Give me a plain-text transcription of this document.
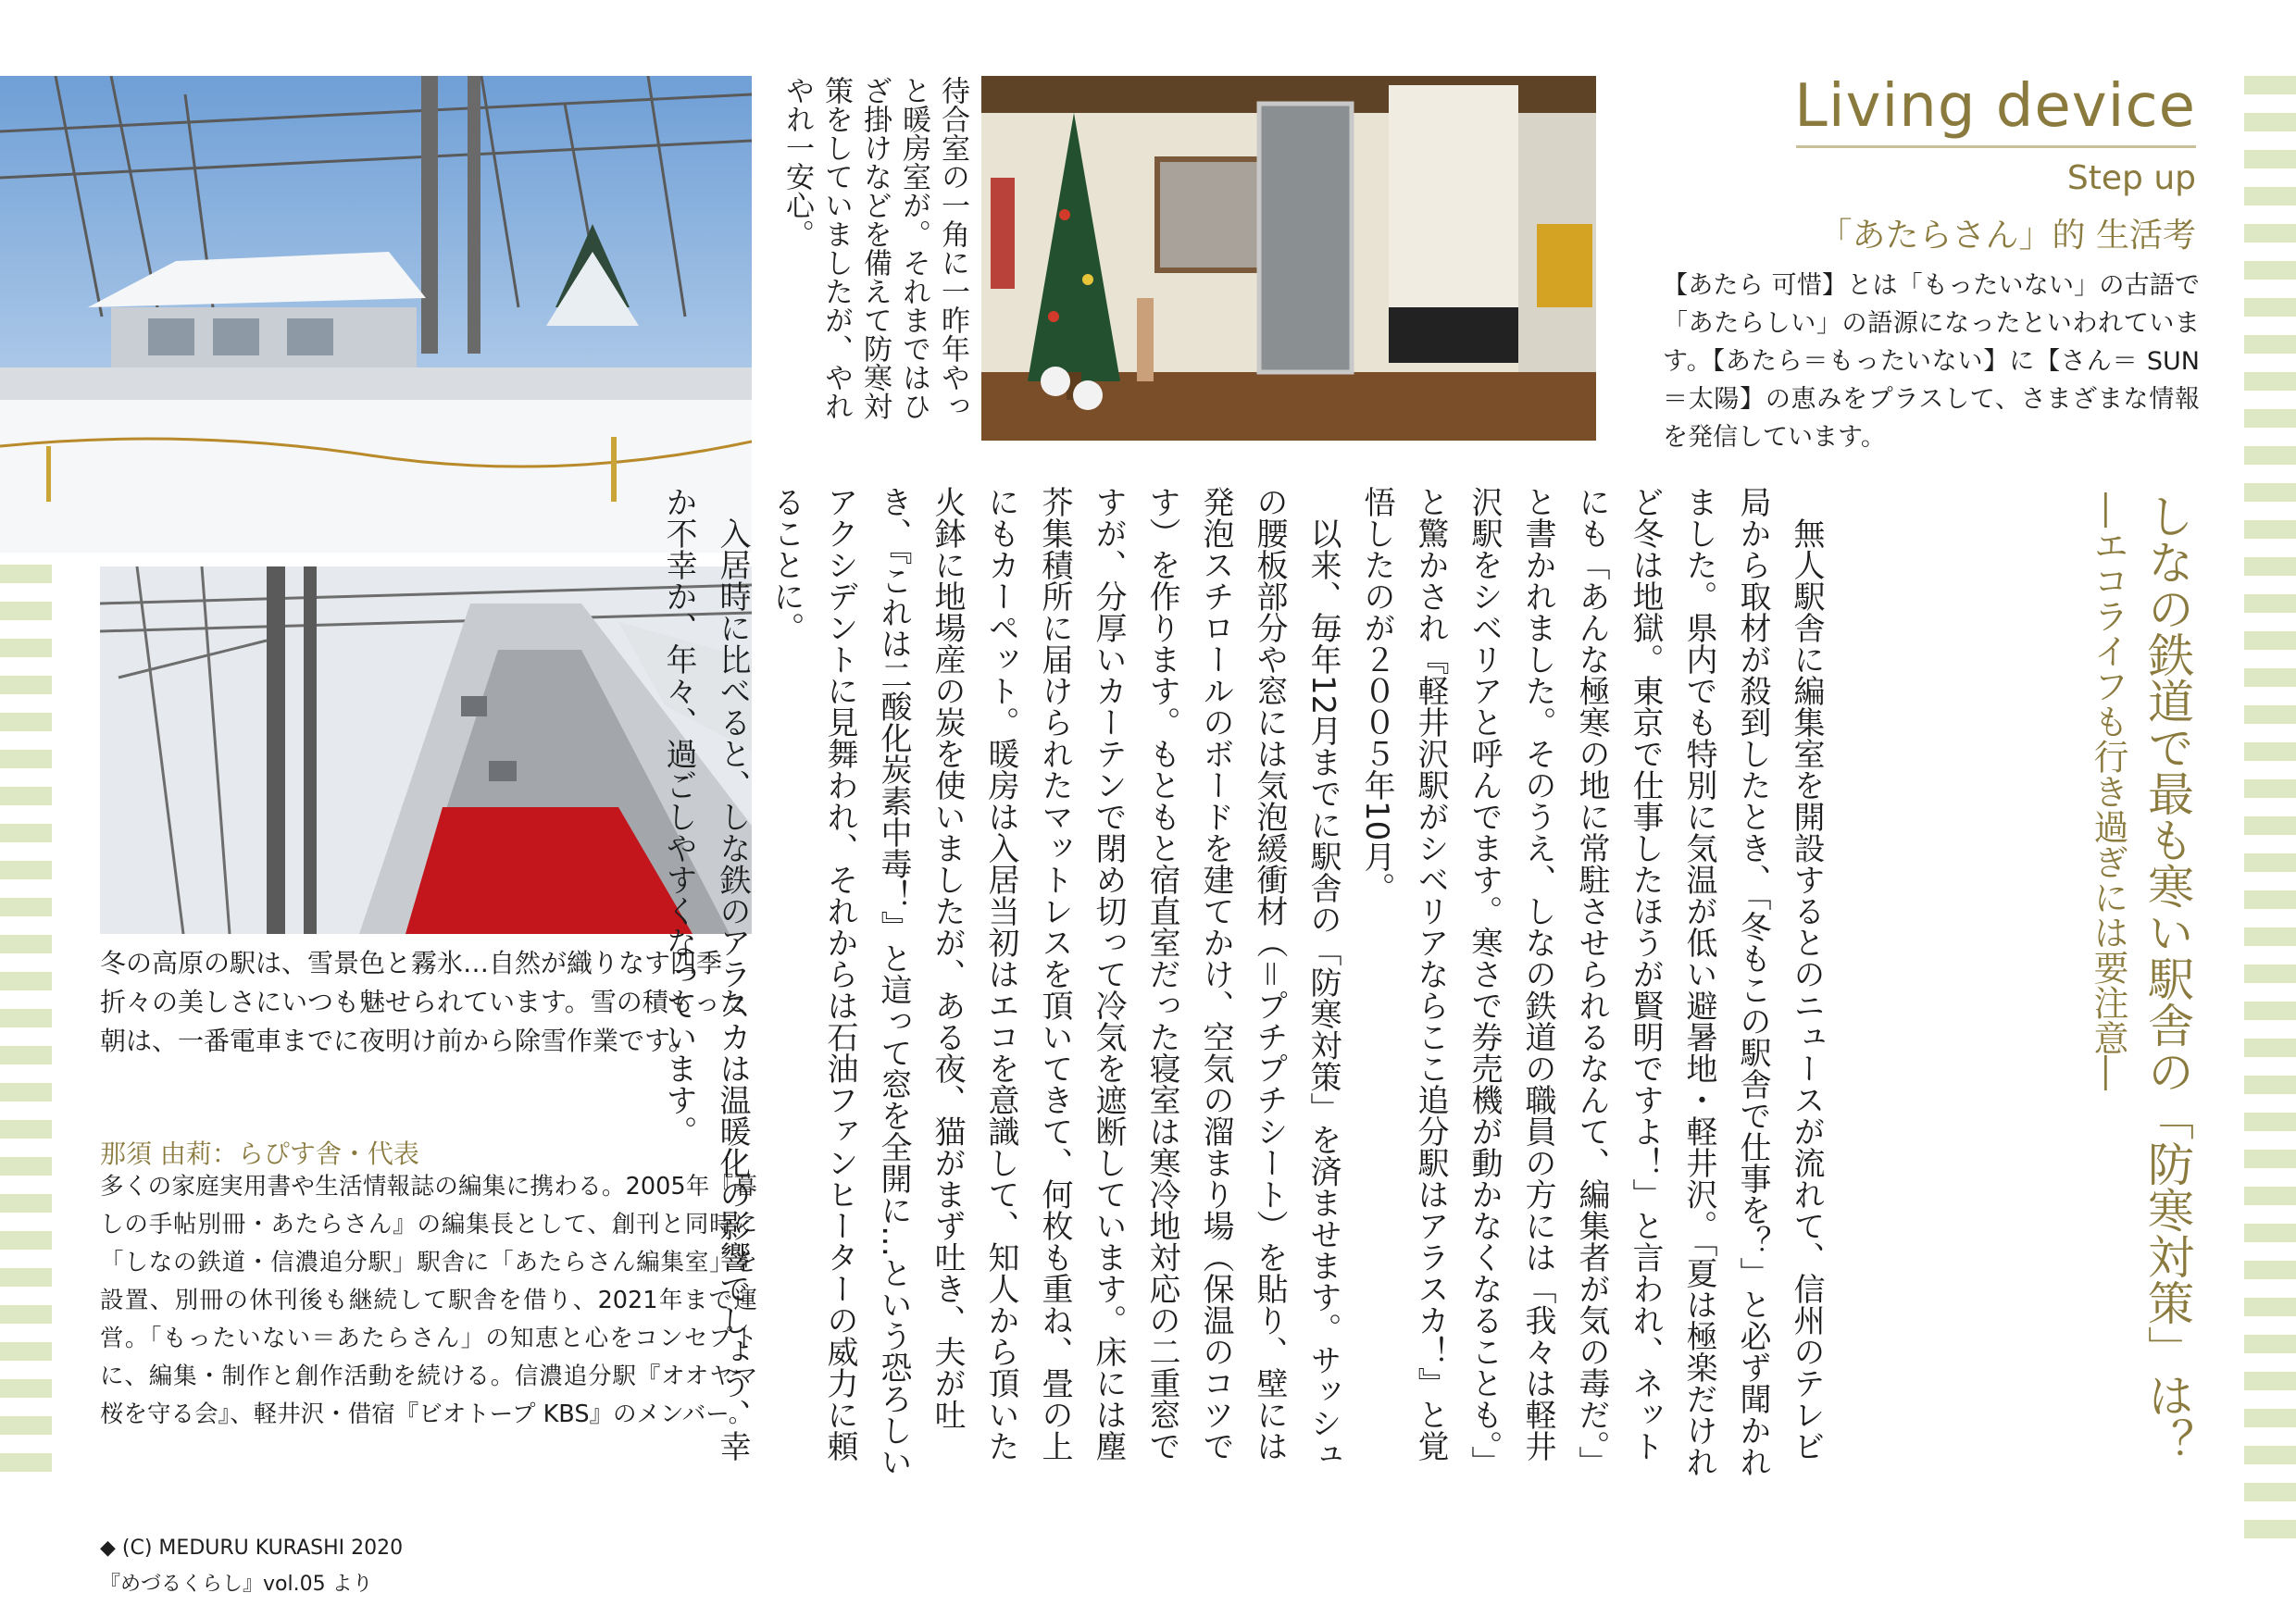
待合室の一角に一昨年やっと暖房室が。それまではひざ掛けなどを備えて防寒対策をしていましたが、やれやれ一安心。	Living device
Step up
「あたらさん」的 生活考
【あたら 可惜】とは「もったいない」の古語で「あたらしい」の語源になったといわれています。【あたら＝もったいない】に【さん＝ SUN ＝太陽】の恵みをプラスして、さまざまな情報を発信しています。
しなの鉄道で最も寒い駅舎の「防寒対策」は？
―エコライフも行き過ぎには要注意―
　無人駅舎に編集室を開設するとのニュースが流れて、信州のテレビ局から取材が殺到したとき、「冬もこの駅舎で仕事を？」と必ず聞かれました。県内でも特別に気温が低い避暑地・軽井沢。「夏は極楽だけれど冬は地獄。東京で仕事したほうが賢明ですよ！」と言われ、ネットにも「あんな極寒の地に常駐させられるなんて、編集者が気の毒だ。」と書かれました。そのうえ、しなの鉄道の職員の方には「我々は軽井沢駅をシベリアと呼んでます。寒さで券売機が動かなくなることも。」と驚かされ『軽井沢駅がシベリアならここ追分駅はアラスカ！』と覚悟したのが２００５年10月。
　以来、毎年12月までに駅舎の「防寒対策」を済ませます。サッシュの腰板部分や窓には気泡緩衝材（＝プチプチシート）を貼り、壁には発泡スチロールのボードを建てかけ、空気の溜まり場（保温のコツです）を作ります。もともと宿直室だった寝室は寒冷地対応の二重窓ですが、分厚いカーテンで閉め切って冷気を遮断しています。床には塵芥集積所に届けられたマットレスを頂いてきて、何枚も重ね、畳の上にもカーペット。暖房は入居当初はエコを意識して、知人から頂いた火鉢に地場産の炭を使いましたが、ある夜、猫がまず吐き、夫が吐き、『これは二酸化炭素中毒！』と這って窓を全開に…という恐ろしいアクシデントに見舞われ、それからは石油ファンヒーターの威力に頼ることに。
　入居時に比べると、しな鉄のアラスカは温暖化の影響でしょう、幸か不幸か、年々、過ごしやすくなっています。
冬の高原の駅は、雪景色と霧氷…自然が織りなす四季折々の美しさにいつも魅せられています。雪の積もった朝は、一番電車までに夜明け前から除雪作業です。
那須 由莉：らぴす舎・代表
多くの家庭実用書や生活情報誌の編集に携わる。2005年『暮しの手帖別冊・あたらさん』の編集長として、創刊と同時に「しなの鉄道・信濃追分駅」駅舎に「あたらさん編集室」を設置、別冊の休刊後も継続して駅舎を借り、2021年まで運営。「もったいない＝あたらさん」の知恵と心をコンセプトに、編集・制作と創作活動を続ける。信濃追分駅『オオヤマ桜を守る会』、軽井沢・借宿『ビオトープ KBS』のメンバー。
◆ (C) MEDURU KURASHI 2020
『めづるくらし』vol.05 より
